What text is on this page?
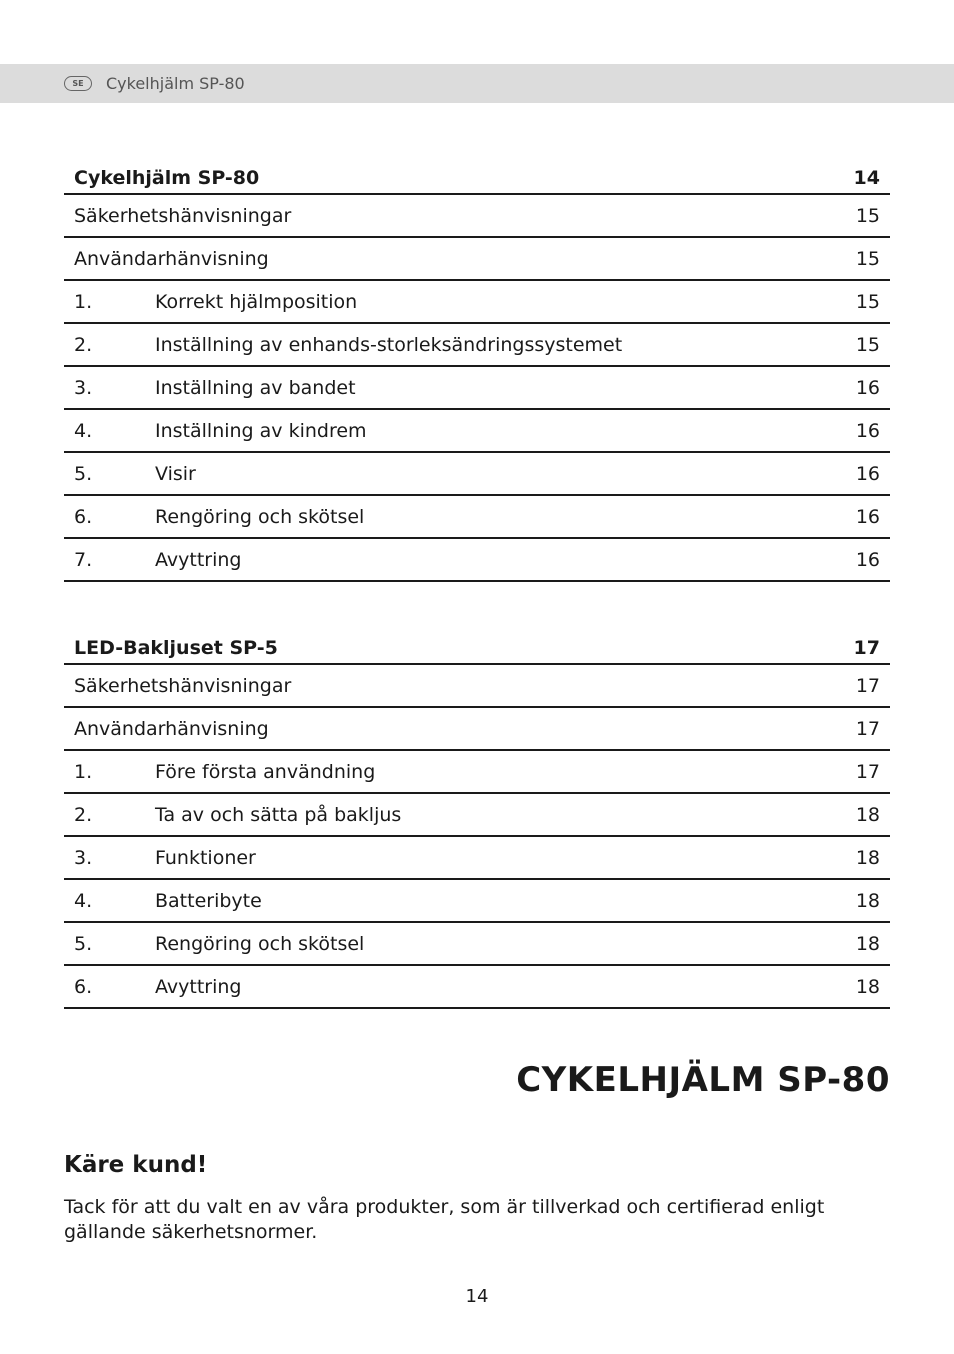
SE	Cykelhjälm SP-80
Cykelhjälm SP-80	14
Säkerhetshänvisningar	15
Användarhänvisning	15
1.	Korrekt hjälmposition	15
2.	Inställning av enhands-storleksändringssystemet	15
3.	Inställning av bandet	16
4.	Inställning av kindrem	16
5.	Visir	16
6.	Rengöring och skötsel	16
7.	Avyttring	16
LED-Bakljuset SP-5	17
Säkerhetshänvisningar	17
Användarhänvisning	17
1.	Före första användning	17
2.	Ta av och sätta på bakljus	18
3.	Funktioner	18
4.	Batteribyte	18
5.	Rengöring och skötsel	18
6.	Avyttring	18
CYKELHJÄLM SP-80
Käre kund!

Tack för att du valt en av våra produkter, som är tillverkad och certifierad enligt gällande säkerhetsnormer.

14
